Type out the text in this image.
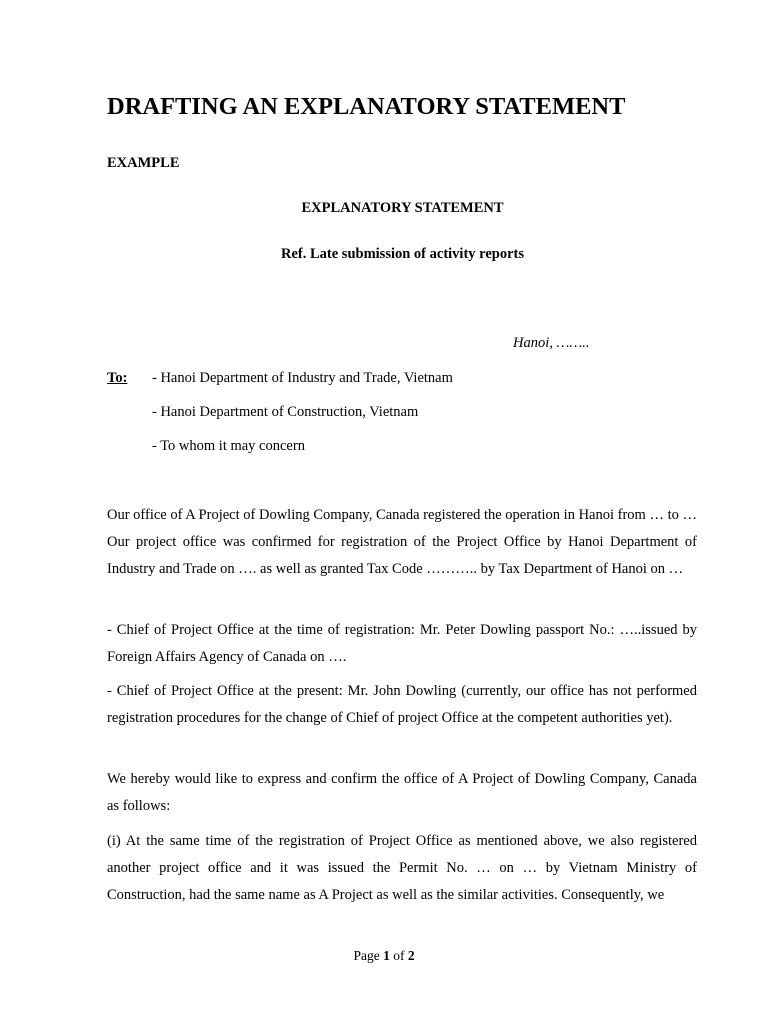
DRAFTING AN EXPLANATORY STATEMENT
EXAMPLE
EXPLANATORY STATEMENT
Ref. Late submission of activity reports
Hanoi, ……..
To: - Hanoi Department of Industry and Trade, Vietnam
- Hanoi Department of Construction, Vietnam
- To whom it may concern

Our office of A Project of Dowling Company, Canada registered the operation in Hanoi from … to … Our project office was confirmed for registration of the Project Office by Hanoi Department of Industry and Trade on …. as well as granted Tax Code ……….. by Tax Department of Hanoi on …

- Chief of Project Office at the time of registration: Mr. Peter Dowling passport No.: …..issued by Foreign Affairs Agency of Canada on ….

- Chief of Project Office at the present: Mr. John Dowling (currently, our office has not performed registration procedures for the change of Chief of project Office at the competent authorities yet).

We hereby would like to express and confirm the office of A Project of Dowling Company, Canada as follows:

(i) At the same time of the registration of Project Office as mentioned above, we also registered another project office and it was issued the Permit No. … on … by Vietnam Ministry of Construction, had the same name as A Project as well as the similar activities. Consequently, we

Page 1 of 2
